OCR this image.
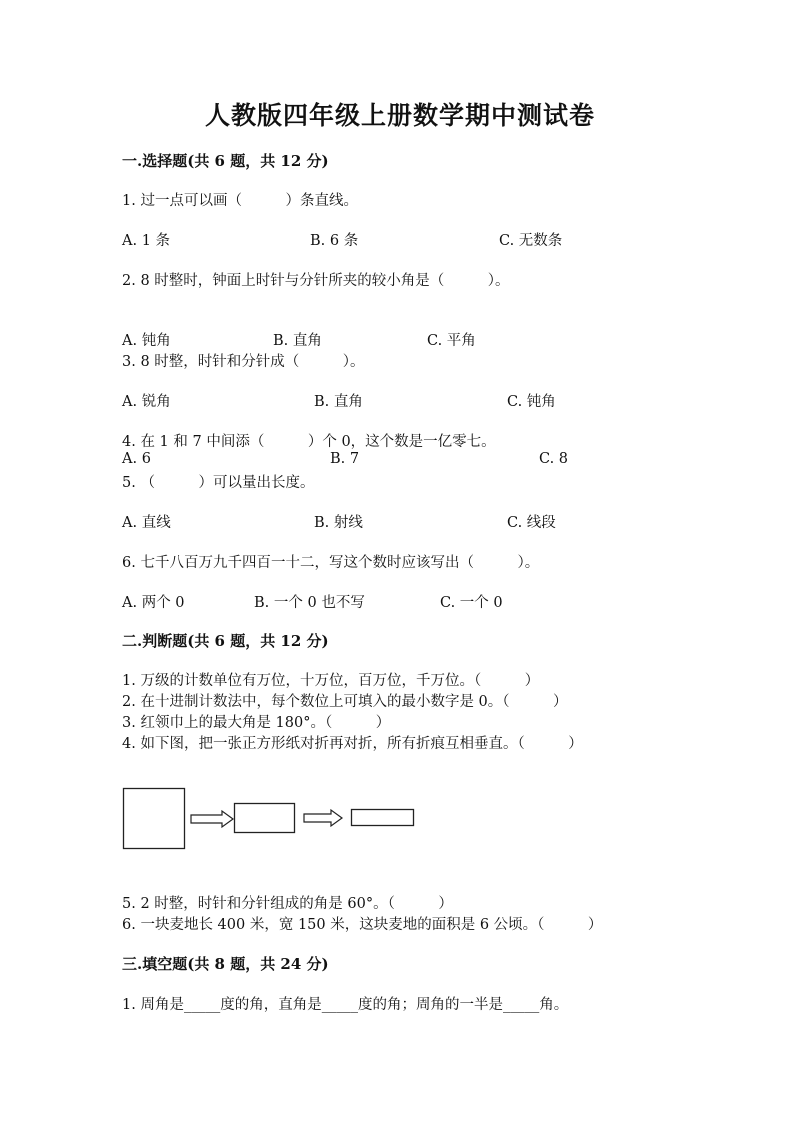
人教版四年级上册数学期中测试卷
一.选择题(共 6 题，共 12 分)
1. 过一点可以画（　　　）条直线。
A. 1 条	B. 6 条	C. 无数条
2. 8 时整时，钟面上时针与分针所夹的较小角是（　　　）。
A. 钝角	B. 直角	C. 平角
3. 8 时整，时针和分针成（　　　）。
A. 锐角	B. 直角	C. 钝角
4. 在 1 和 7 中间添（　　　）个 0，这个数是一亿零七。
A. 6	B. 7	C. 8
5. （　　　）可以量出长度。
A. 直线	B. 射线	C. 线段
6. 七千八百万九千四百一十二，写这个数时应该写出（　　　）。
A. 两个 0	B. 一个 0 也不写	C. 一个 0
二.判断题(共 6 题，共 12 分)
1. 万级的计数单位有万位，十万位，百万位，千万位。（　　　）
2. 在十进制计数法中，每个数位上可填入的最小数字是 0。（　　　）
3. 红领巾上的最大角是 180°。（　　　）
4. 如下图，把一张正方形纸对折再对折，所有折痕互相垂直。（　　　）
5. 2 时整，时针和分针组成的角是 60°。（　　　）
6. 一块麦地长 400 米，宽 150 米，这块麦地的面积是 6 公顷。（　　　）
三.填空题(共 8 题，共 24 分)
1. 周角是_____度的角，直角是_____度的角；周角的一半是_____角。
